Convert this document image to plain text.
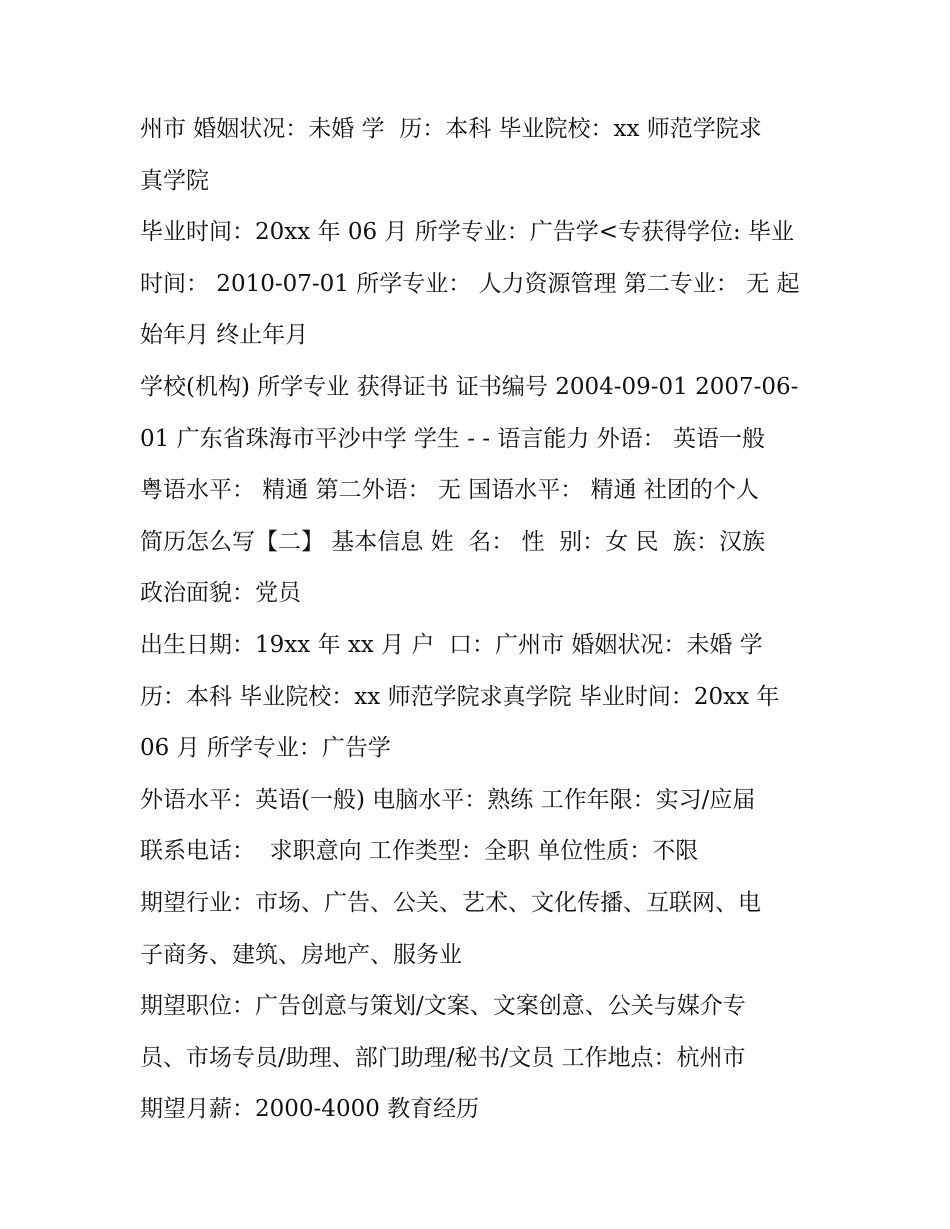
州市 婚姻状况：未婚 学  历：本科 毕业院校：xx 师范学院求
真学院
毕业时间：20xx 年 06 月 所学专业：广告学<专获得学位: 毕业
时间： 2010-07-01 所学专业： 人力资源管理 第二专业： 无 起
始年月 终止年月
学校(机构) 所学专业 获得证书 证书编号 2004-09-01 2007-06-
01 广东省珠海市平沙中学 学生 - - 语言能力 外语： 英语一般
粤语水平： 精通 第二外语： 无 国语水平： 精通 社团的个人
简历怎么写【二】 基本信息 姓  名： 性  别：女 民  族：汉族
政治面貌：党员
出生日期：19xx 年 xx 月 户  口：广州市 婚姻状况：未婚 学
历：本科 毕业院校：xx 师范学院求真学院 毕业时间：20xx 年
06 月 所学专业：广告学
外语水平：英语(一般) 电脑水平：熟练 工作年限：实习/应届
联系电话：  求职意向 工作类型：全职 单位性质：不限
期望行业：市场、广告、公关、艺术、文化传播、互联网、电
子商务、建筑、房地产、服务业
期望职位：广告创意与策划/文案、文案创意、公关与媒介专
员、市场专员/助理、部门助理/秘书/文员 工作地点：杭州市
期望月薪：2000-4000 教育经历
